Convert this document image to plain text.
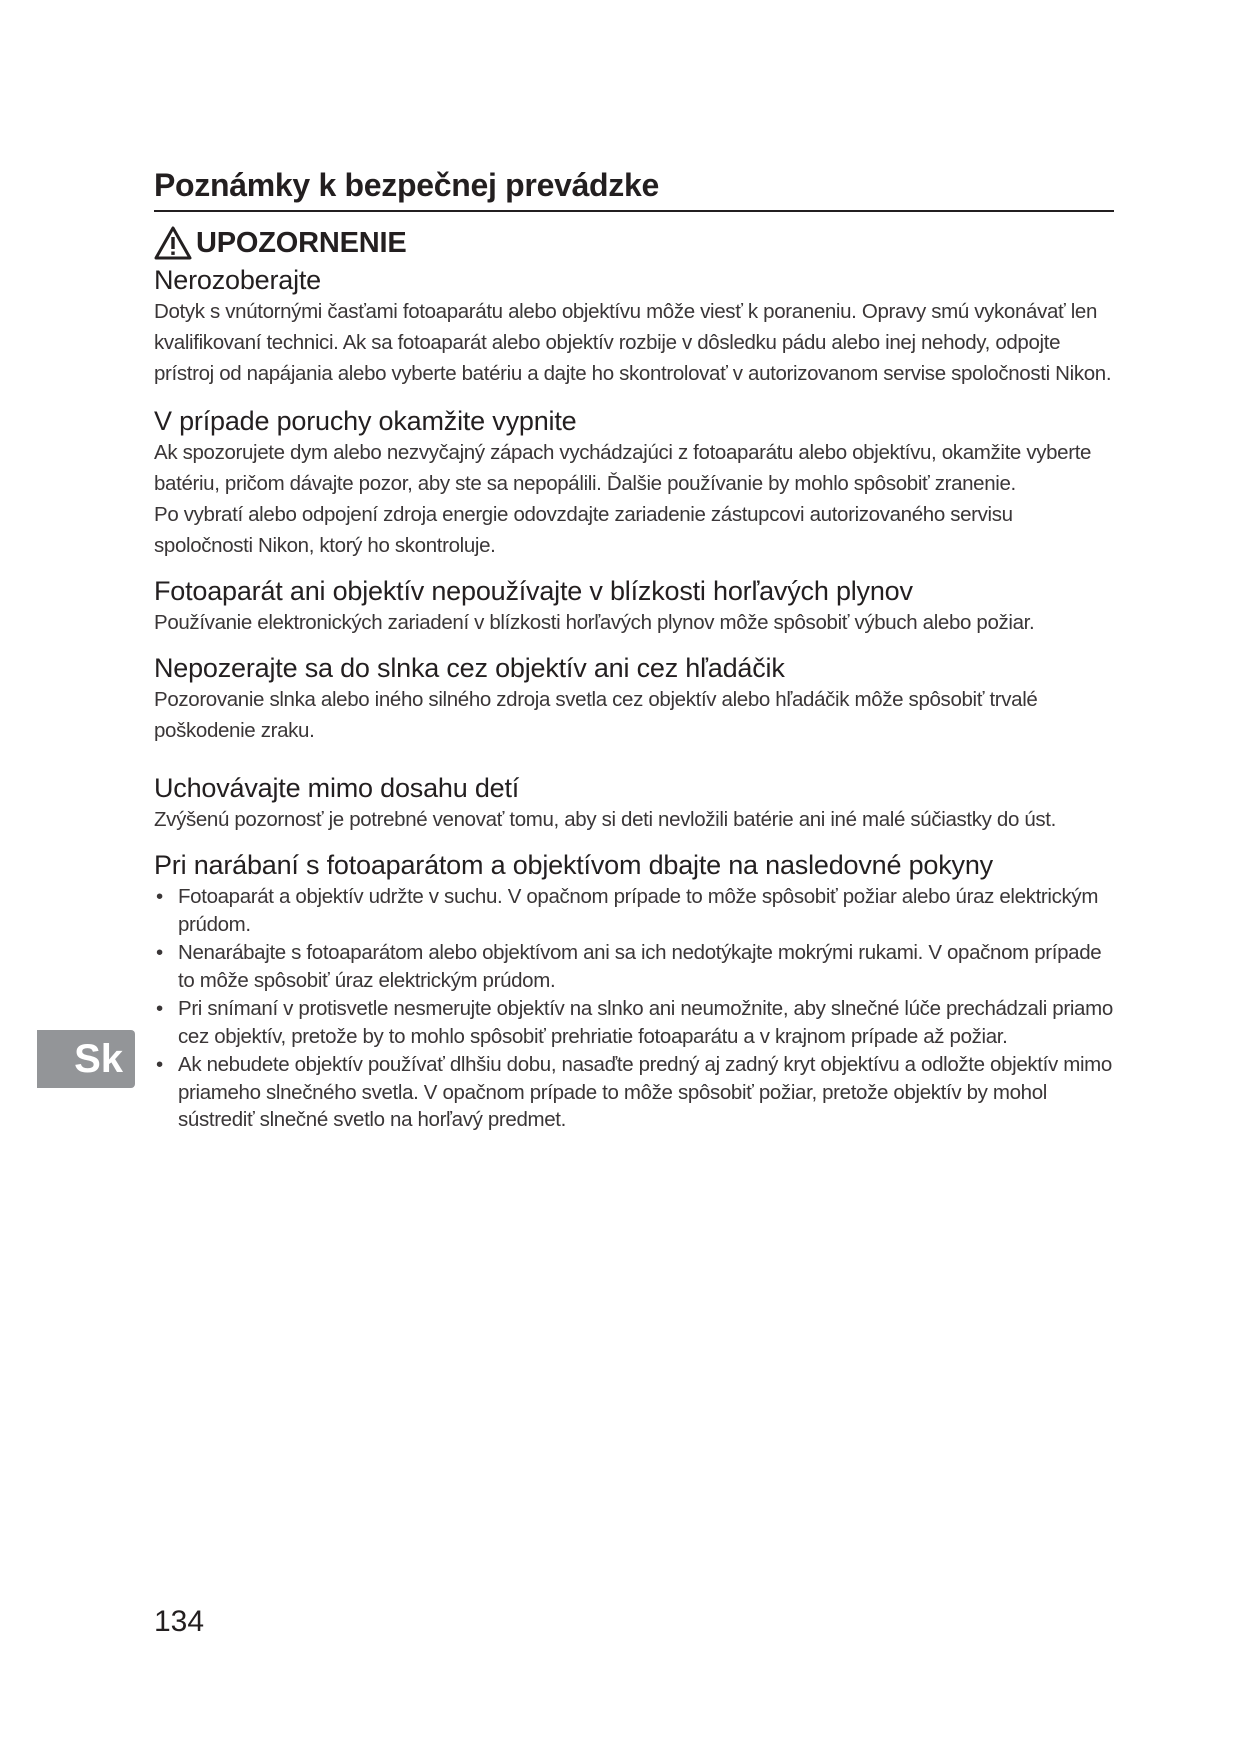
Poznámky k bezpečnej prevádzke
UPOZORNENIE
Nerozoberajte

Dotyk s vnútornými časťami fotoaparátu alebo objektívu môže viesť k poraneniu. Opravy smú vykonávať len kvalifikovaní technici. Ak sa fotoaparát alebo objektív rozbije v dôsledku pádu alebo inej nehody, odpojte prístroj od napájania alebo vyberte batériu a dajte ho skontrolovať v autorizovanom servise spoločnosti Nikon.

V prípade poruchy okamžite vypnite

Ak spozorujete dym alebo nezvyčajný zápach vychádzajúci z fotoaparátu alebo objektívu, okamžite vyberte batériu, pričom dávajte pozor, aby ste sa nepopálili. Ďalšie používanie by mohlo spôsobiť zranenie.

Po vybratí alebo odpojení zdroja energie odovzdajte zariadenie zástupcovi autorizovaného servisu spoločnosti Nikon, ktorý ho skontroluje.

Fotoaparát ani objektív nepoužívajte v blízkosti horľavých plynov

Používanie elektronických zariadení v blízkosti horľavých plynov môže spôsobiť výbuch alebo požiar.

Nepozerajte sa do slnka cez objektív ani cez hľadáčik

Pozorovanie slnka alebo iného silného zdroja svetla cez objektív alebo hľadáčik môže spôsobiť trvalé poškodenie zraku.

Uchovávajte mimo dosahu detí

Zvýšenú pozornosť je potrebné venovať tomu, aby si deti nevložili batérie ani iné malé súčiastky do úst.

Pri narábaní s fotoaparátom a objektívom dbajte na nasledovné pokyny
• Fotoaparát a objektív udržte v suchu. V opačnom prípade to môže spôsobiť požiar alebo úraz elektrickým prúdom.
• Nenarábajte s fotoaparátom alebo objektívom ani sa ich nedotýkajte mokrými rukami. V opačnom prípade to môže spôsobiť úraz elektrickým prúdom.
• Pri snímaní v protisvetle nesmerujte objektív na slnko ani neumožnite, aby slnečné lúče prechádzali priamo cez objektív, pretože by to mohlo spôsobiť prehriatie fotoaparátu a v krajnom prípade až požiar.
• Ak nebudete objektív používať dlhšiu dobu, nasaďte predný aj zadný kryt objektívu a odložte objektív mimo priameho slnečného svetla. V opačnom prípade to môže spôsobiť požiar, pretože objektív by mohol sústrediť slnečné svetlo na horľavý predmet.
Sk
134
